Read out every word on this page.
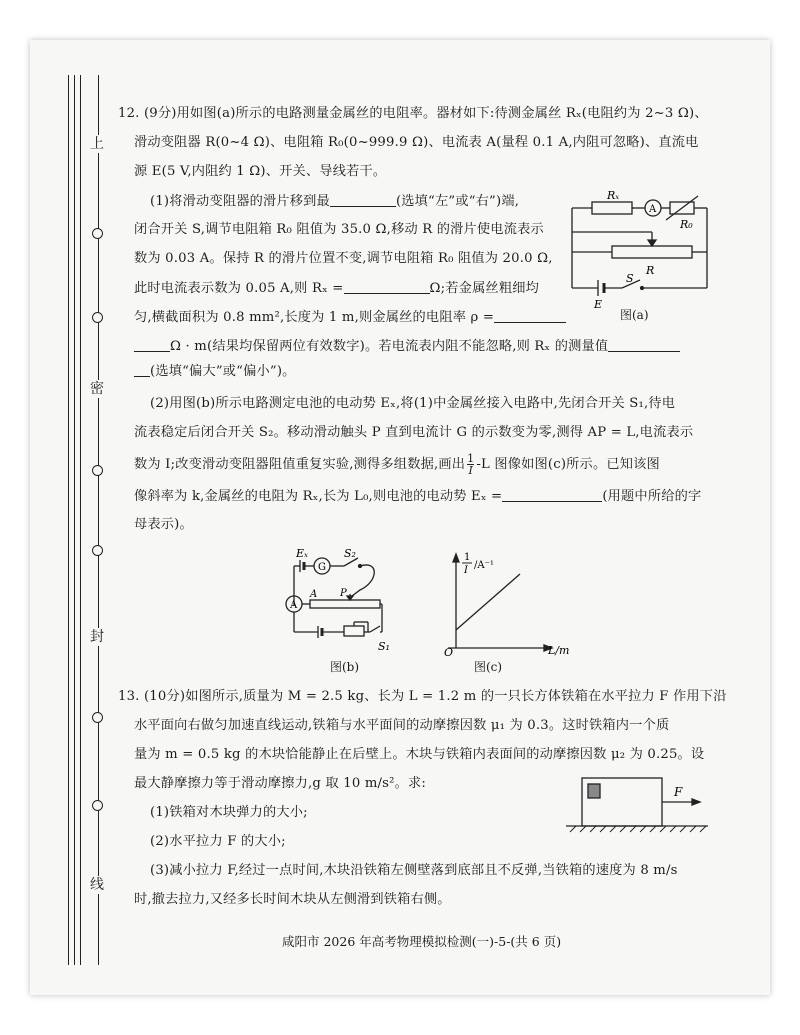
上
密
封
线
12. (9分)用如图(a)所示的电路测量金属丝的电阻率。器材如下:待测金属丝 Rₓ(电阻约为 2~3 Ω)、
滑动变阻器 R(0~4 Ω)、电阻箱 R₀(0~999.9 Ω)、电流表 A(量程 0.1 A,内阻可忽略)、直流电
源 E(5 V,内阻约 1 Ω)、开关、导线若干。
(1)将滑动变阻器的滑片移到最	(选填“左”或“右”)端,
闭合开关 S,调节电阻箱 R₀ 阻值为 35.0 Ω,移动 R 的滑片使电流表示
数为 0.03 A。保持 R 的滑片位置不变,调节电阻箱 R₀ 阻值为 20.0 Ω,
此时电流表示数为 0.05 A,则 Rₓ =	Ω;若金属丝粗细均
匀,横截面积为 0.8 mm²,长度为 1 m,则金属丝的电阻率 ρ =
Ω · m(结果均保留两位有效数字)。若电流表内阻不能忽略,则 Rₓ 的测量值
(选填“偏大”或“偏小”)。
Rₓ
A
R₀
R
E
S
图(a)
(2)用图(b)所示电路测定电池的电动势 Eₓ,将(1)中金属丝接入电路中,先闭合开关 S₁,待电
流表稳定后闭合开关 S₂。移动滑动触头 P 直到电流计 G 的示数变为零,测得 AP = L,电流表示
数为 I;改变滑动变阻器阻值重复实验,测得多组数据,画出 $\frac{1}{I} -L$ 图像如图(c)所示。已知该图
像斜率为 k,金属丝的电阻为 Rₓ,长为 L₀,则电池的电动势 Eₓ =	(用题中所给的字
母表示)。
Eₓ
G
S₂
A
A P
S₁
图(b)
1
I /A⁻¹
L/m
O
图(c)
13. (10分)如图所示,质量为 M = 2.5 kg、长为 L = 1.2 m 的一只长方体铁箱在水平拉力 F 作用下沿
水平面向右做匀加速直线运动,铁箱与水平面间的动摩擦因数 μ₁ 为 0.3。这时铁箱内一个质
量为 m = 0.5 kg 的木块恰能静止在后壁上。木块与铁箱内表面间的动摩擦因数 μ₂ 为 0.25。设
最大静摩擦力等于滑动摩擦力,g 取 10 m/s²。求:
(1)铁箱对木块弹力的大小;
(2)水平拉力 F 的大小;
(3)减小拉力 F,经过一点时间,木块沿铁箱左侧壁落到底部且不反弹,当铁箱的速度为 8 m/s
时,撤去拉力,又经多长时间木块从左侧滑到铁箱右侧。
F
咸阳市 2026 年高考物理模拟检测(一)-5-(共 6 页)
